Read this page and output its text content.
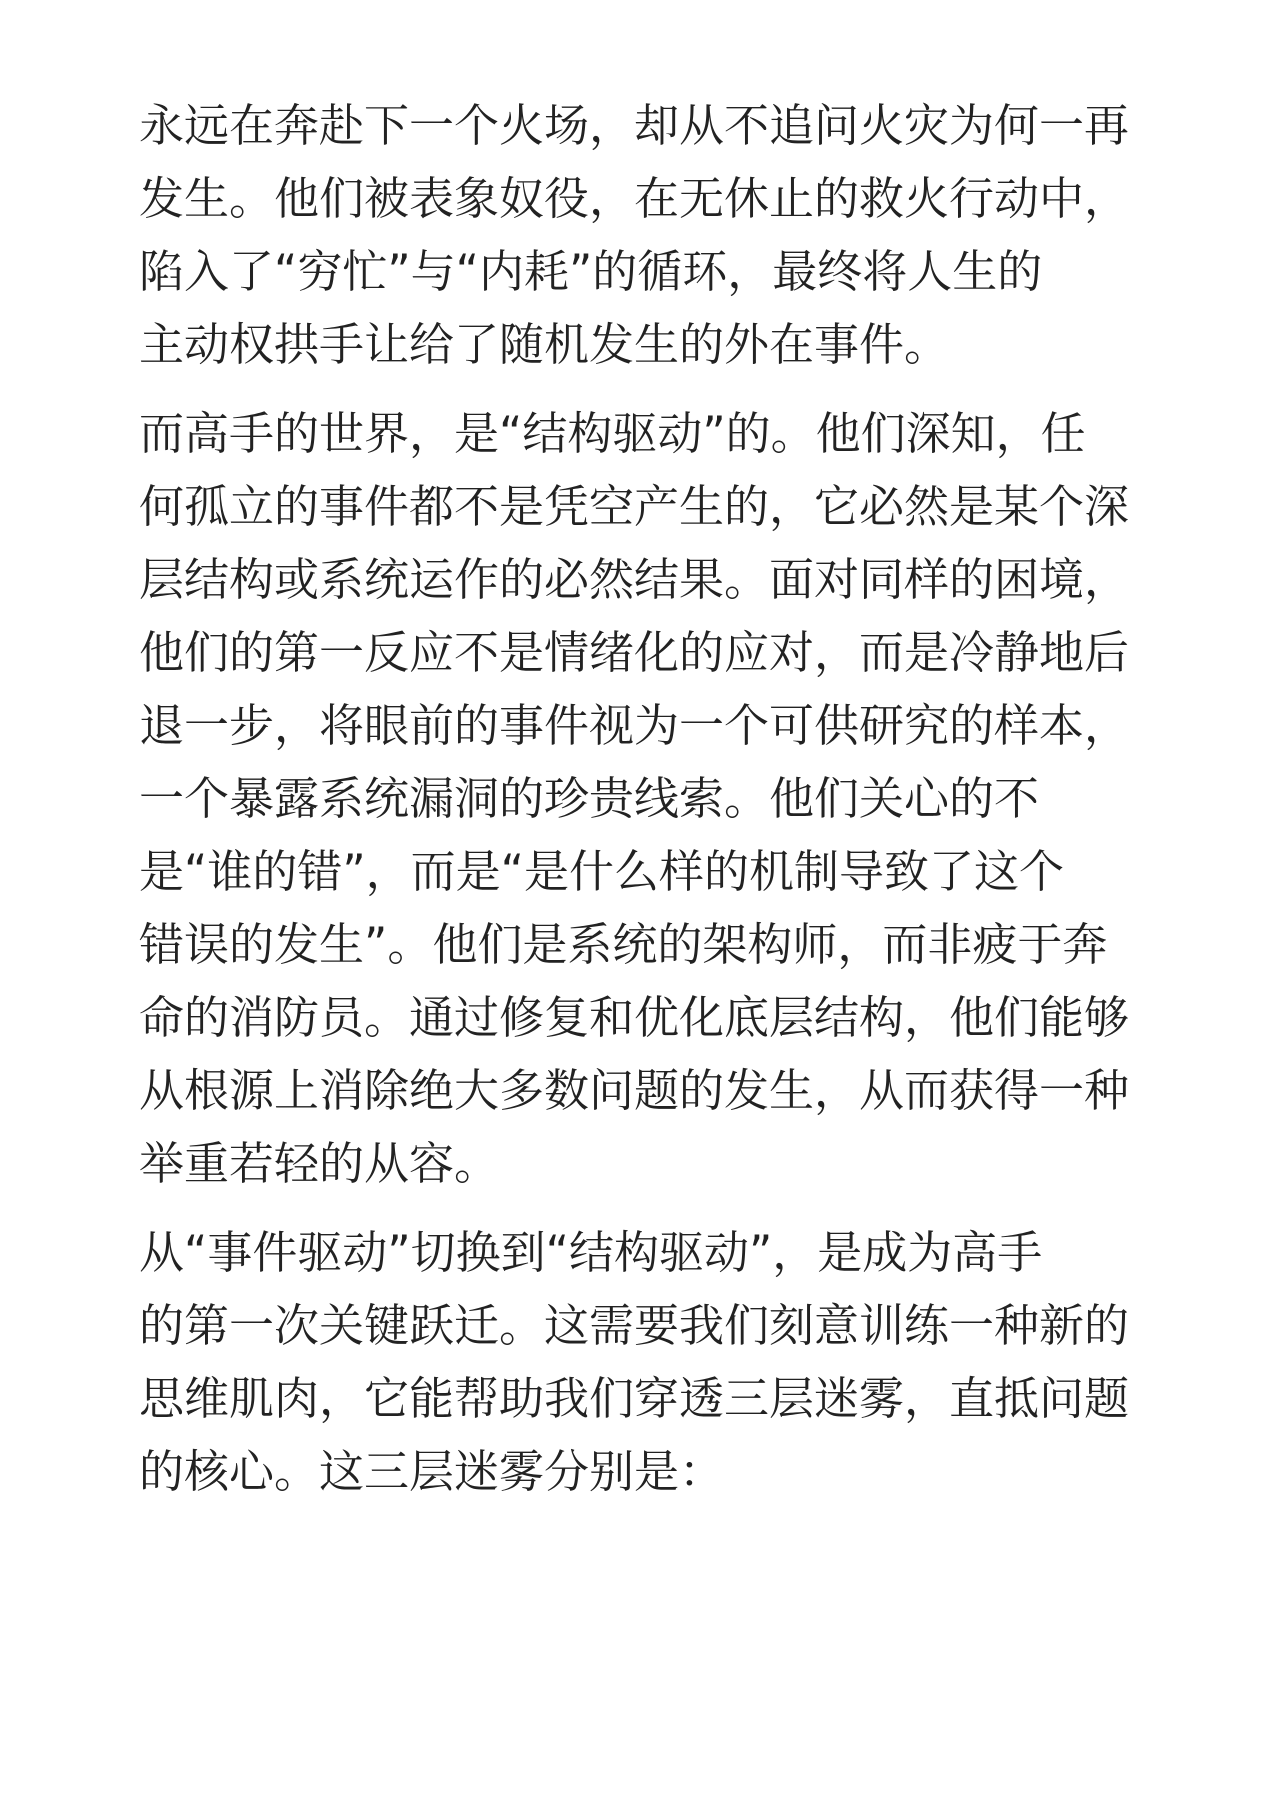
永远在奔赴下一个火场，却从不追问火灾为何一再
发生。他们被表象奴役，在无休止的救火行动中，
陷入了“穷忙”与“内耗”的循环，最终将人生的
主动权拱手让给了随机发生的外在事件。

而高手的世界，是“结构驱动”的。他们深知，任
何孤立的事件都不是凭空产生的，它必然是某个深
层结构或系统运作的必然结果。面对同样的困境，
他们的第一反应不是情绪化的应对，而是冷静地后
退一步，将眼前的事件视为一个可供研究的样本，
一个暴露系统漏洞的珍贵线索。他们关心的不
是“谁的错”，而是“是什么样的机制导致了这个
错误的发生”。他们是系统的架构师，而非疲于奔
命的消防员。通过修复和优化底层结构，他们能够
从根源上消除绝大多数问题的发生，从而获得一种
举重若轻的从容。

从“事件驱动”切换到“结构驱动”，是成为高手
的第一次关键跃迁。这需要我们刻意训练一种新的
思维肌肉，它能帮助我们穿透三层迷雾，直抵问题
的核心。这三层迷雾分别是：
